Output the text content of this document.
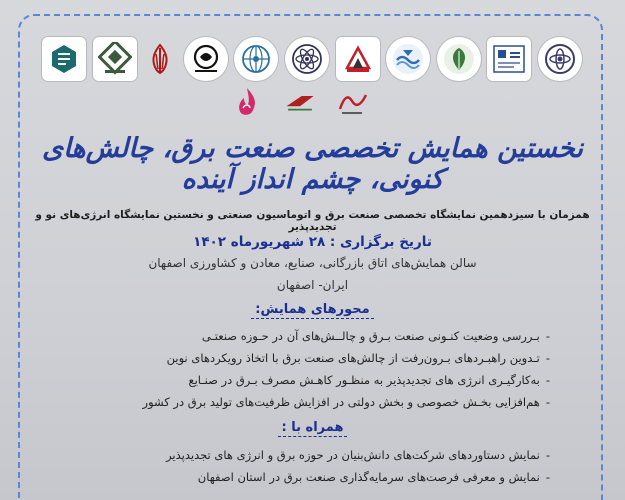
نخستین همایش تخصصی صنعت برق، چالش‌های کنونی، چشم انداز آینده
همزمان با سیزدهمین نمایشگاه تخصصی صنعت برق و اتوماسیون صنعتی و نخستین نمایشگاه انرژی‌های نو و تجدیدپذیر
تاریخ برگزاری : ۲۸ شهریورماه ۱۴۰۲
سالن همایش‌های اتاق بازرگانی، صنایع، معادن و کشاورزی اصفهان
ایران- اصفهان
محورهای همایش:
-بـررسی وضعیت کنـونی صنعت بـرق و چالــش‌های آن در حـوزه صنعتـی
-تـدوین راهبـردهای بـرون‌رفت از چالش‌های صنعت برق با اتخاذ رویکردهای نوین
-به‌کارگیـری انرژی های تجدیدپذیر به منظـور کاهـش مصرف بـرق در صنـایع
-هم‌افزایی بخـش خصوصی و بخش دولتی در افزایش ظرفیت‌های تولید برق در کشور
همراه با :
-نمایش دستاوردهای شرکت‌های دانش‌بنیان در حوزه برق و انرژی های تجدیدپذیر
-نمایش و معرفی فرصت‌های سرمایه‌گذاری صنعت برق در استان اصفهان
